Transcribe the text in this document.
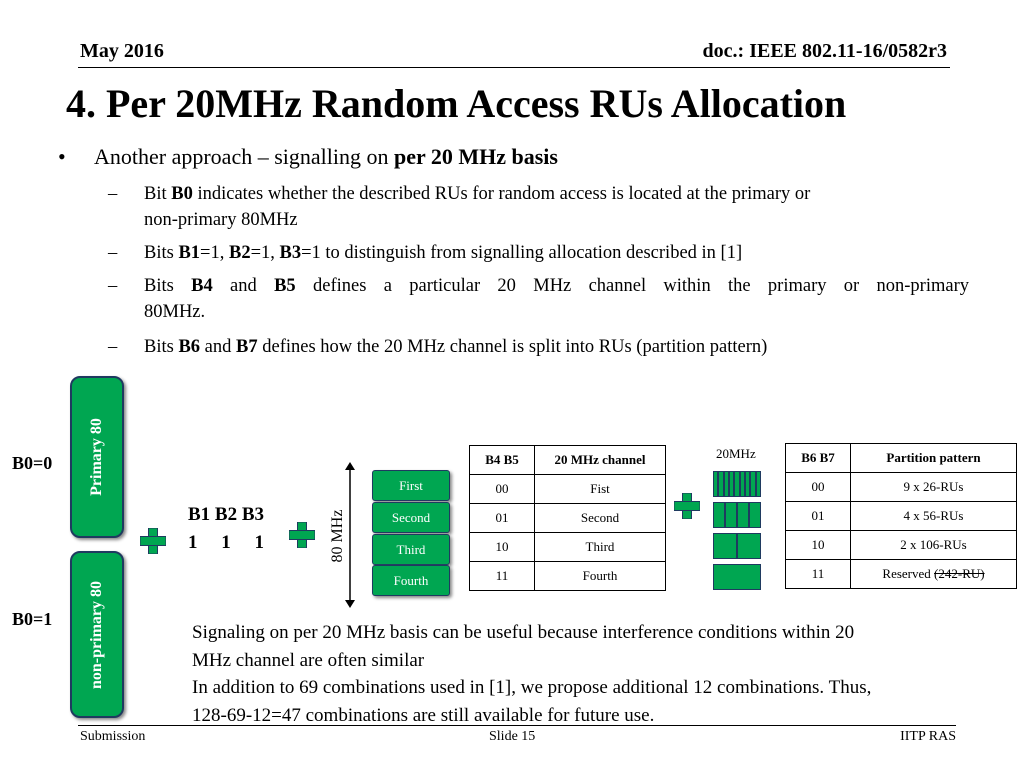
May 2016	doc.: IEEE 802.11-16/0582r3
4. Per 20MHz Random Access RUs Allocation
• Another approach – signalling on per 20 MHz basis
– Bit B0 indicates whether the described RUs for random access is located at the primary or
non-primary 80MHz
– Bits B1=1, B2=1, B3=1 to distinguish from signalling allocation described in [1]
– Bits B4 and B5 defines a particular 20 MHz channel within the primary or non-primary
80MHz.
– Bits B6 and B7 defines how the 20 MHz channel is split into RUs (partition pattern)
Primary 80
non-primary 80
B0=0
B0=1
B1 B2 B3
1     1     1	80 MHz
First
Second
Third
Fourth
B4 B5	20 MHz channel
00	Fist
01	Second
10	Third
11	Fourth
20MHz	B6 B7	Partition pattern
00	9 x 26-RUs
01	4 x 56-RUs
10	2 x 106-RUs
11	Reserved (242-RU)
Signaling on per 20 MHz basis can be useful because interference conditions within 20
MHz channel are often similar
In addition to 69 combinations used in [1], we propose additional 12 combinations. Thus,
128-69-12=47 combinations are still available for future use.
Submission	Slide 15	IITP RAS
